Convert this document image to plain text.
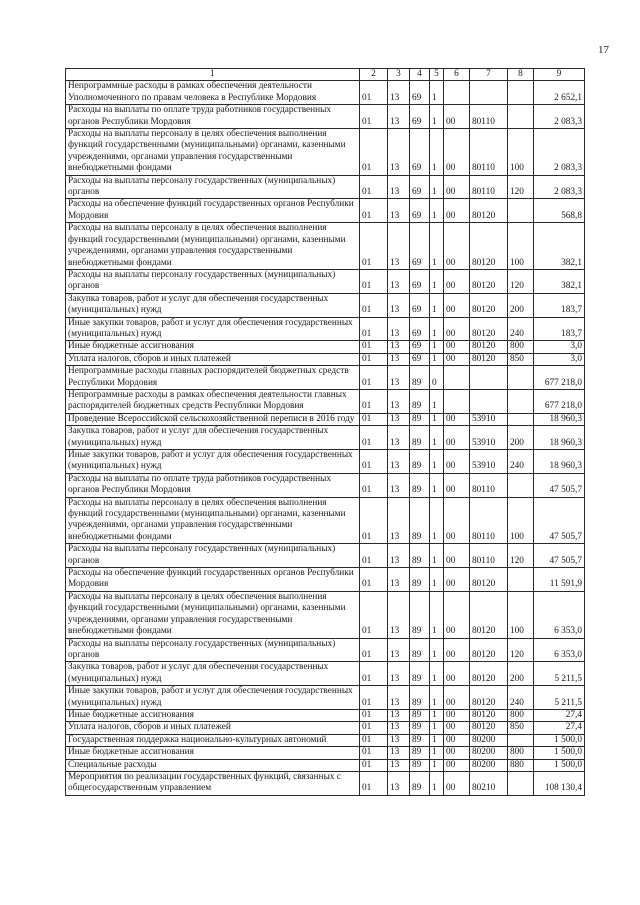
17
1	2	3	4	5	6	7	8	9
Непрограммные расходы в рамках обеспечения деятельности Уполномоченного по правам человека в Республике Мордовия	01	13	69	1				2 652,1
Расходы на выплаты по оплате труда работников государственных органов Республики Мордовия	01	13	69	1	00	80110		2 083,3
Расходы на выплаты персоналу в целях обеспечения выполнения функций государственными (муниципальными) органами, казенными учреждениями, органами управления государственными внебюджетными фондами	01	13	69	1	00	80110	100	2 083,3
Расходы на выплаты персоналу государственных (муниципальных) органов	01	13	69	1	00	80110	120	2 083,3
Расходы на обеспечение функций государственных органов Республики Мордовия	01	13	69	1	00	80120		568,8
Расходы на выплаты персоналу в целях обеспечения выполнения функций государственными (муниципальными) органами, казенными учреждениями, органами управления государственными внебюджетными фондами	01	13	69	1	00	80120	100	382,1
Расходы на выплаты персоналу государственных (муниципальных) органов	01	13	69	1	00	80120	120	382,1
Закупка товаров, работ и услуг для обеспечения государственных (муниципальных) нужд	01	13	69	1	00	80120	200	183,7
Иные закупки товаров, работ и услуг для обеспечения государственных (муниципальных) нужд	01	13	69	1	00	80120	240	183,7
Иные бюджетные ассигнования	01	13	69	1	00	80120	800	3,0
Уплата налогов, сборов и иных платежей	01	13	69	1	00	80120	850	3,0
Непрограммные расходы главных распорядителей бюджетных средств Республики Мордовия	01	13	89	0				677 218,0
Непрограммные расходы в рамках обеспечения деятельности главных распорядителей бюджетных средств Республики Мордовия	01	13	89	1				677 218,0
Проведение Всероссийской сельскохозяйственной переписи в 2016 году	01	13	89	1	00	53910		18 960,3
Закупка товаров, работ и услуг для обеспечения государственных (муниципальных) нужд	01	13	89	1	00	53910	200	18 960,3
Иные закупки товаров, работ и услуг для обеспечения государственных (муниципальных) нужд	01	13	89	1	00	53910	240	18 960,3
Расходы на выплаты по оплате труда работников государственных органов Республики Мордовия	01	13	89	1	00	80110		47 505,7
Расходы на выплаты персоналу в целях обеспечения выполнения функций государственными (муниципальными) органами, казенными учреждениями, органами управления государственными внебюджетными фондами	01	13	89	1	00	80110	100	47 505,7
Расходы на выплаты персоналу государственных (муниципальных) органов	01	13	89	1	00	80110	120	47 505,7
Расходы на обеспечение функций государственных органов Республики Мордовия	01	13	89	1	00	80120		11 591,9
Расходы на выплаты персоналу в целях обеспечения выполнения функций государственными (муниципальными) органами, казенными учреждениями, органами управления государственными внебюджетными фондами	01	13	89	1	00	80120	100	6 353,0
Расходы на выплаты персоналу государственных (муниципальных) органов	01	13	89	1	00	80120	120	6 353,0
Закупка товаров, работ и услуг для обеспечения государственных (муниципальных) нужд	01	13	89	1	00	80120	200	5 211,5
Иные закупки товаров, работ и услуг для обеспечения государственных (муниципальных) нужд	01	13	89	1	00	80120	240	5 211,5
Иные бюджетные ассигнования	01	13	89	1	00	80120	800	27,4
Уплата налогов, сборов и иных платежей	01	13	89	1	00	80120	850	27,4
Государственная поддержка национально-культурных автономий	01	13	89	1	00	80200		1 500,0
Иные бюджетные ассигнования	01	13	89	1	00	80200	800	1 500,0
Специальные расходы	01	13	89	1	00	80200	880	1 500,0
Мероприятия по реализации государственных функций, связанных с общегосударственным управлением	01	13	89	1	00	80210		108 130,4
